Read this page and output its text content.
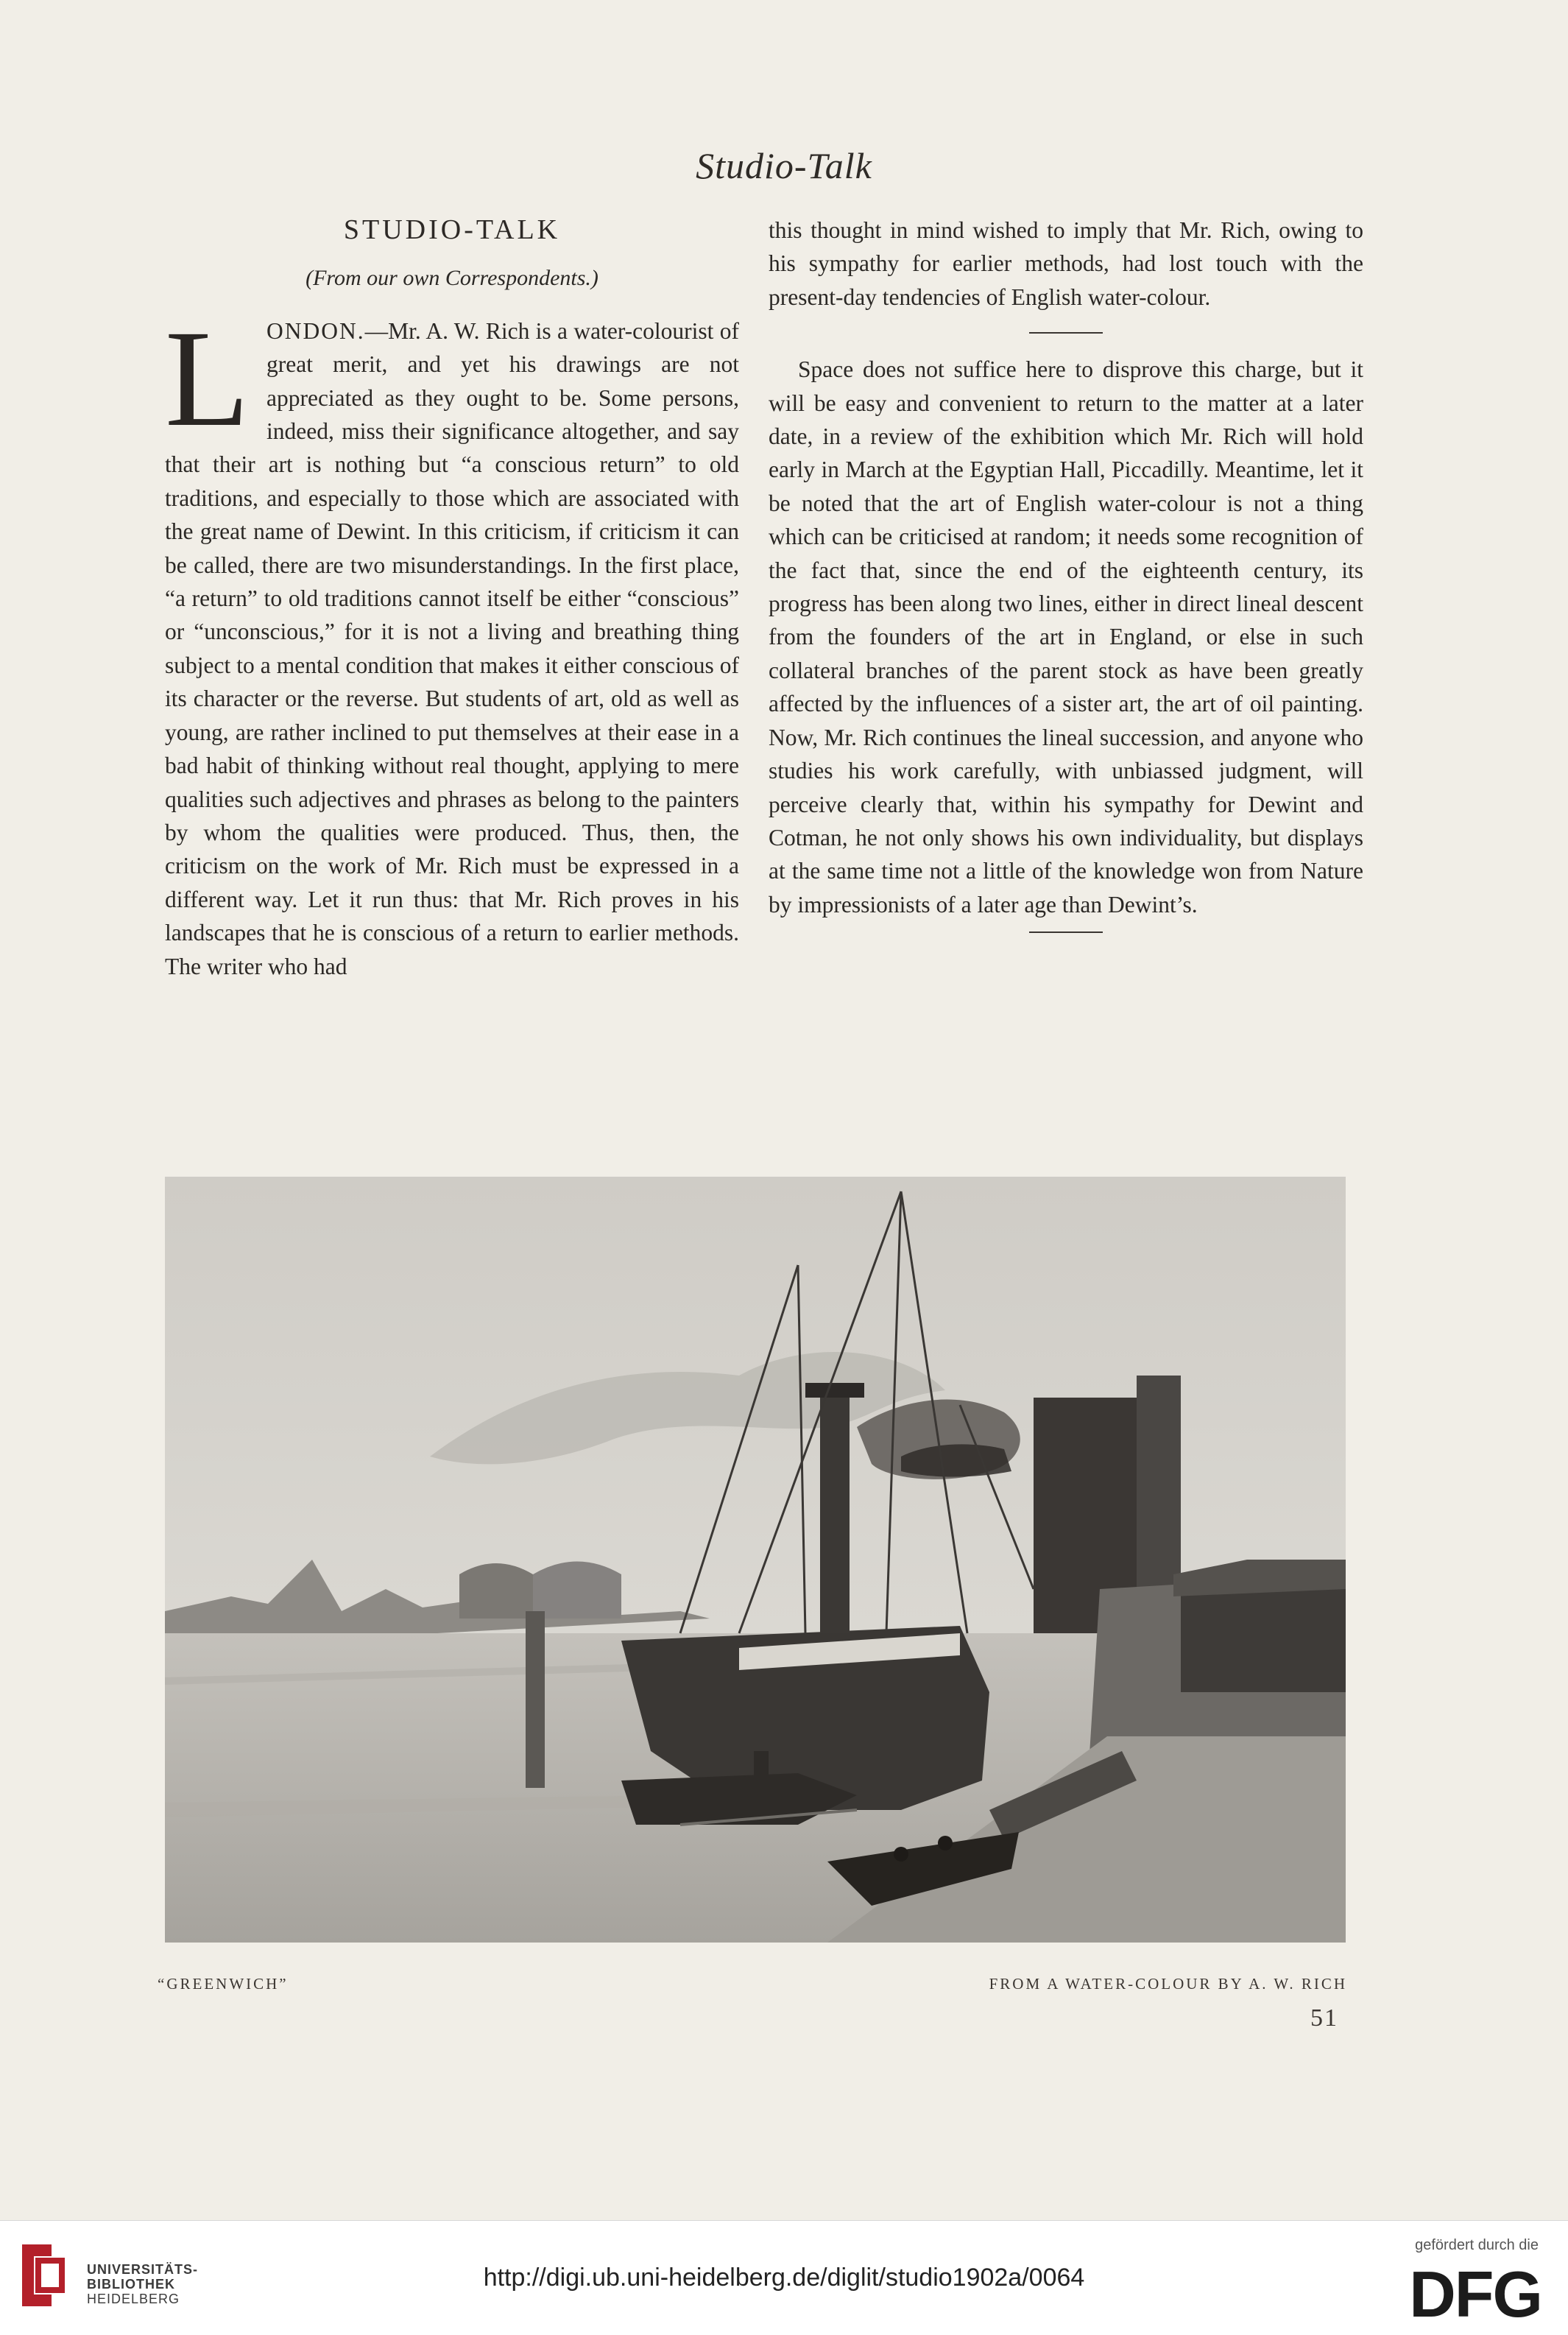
Studio-Talk
STUDIO-TALK
(From our own Correspondents.)

LONDON.—Mr. A. W. Rich is a water-colourist of great merit, and yet his drawings are not appreciated as they ought to be. Some persons, indeed, miss their significance altogether, and say that their art is nothing but “a conscious return” to old traditions, and especially to those which are associated with the great name of Dewint. In this criticism, if criticism it can be called, there are two misunderstandings. In the first place, “a return” to old traditions cannot itself be either “conscious” or “unconscious,” for it is not a living and breathing thing subject to a mental condition that makes it either conscious of its character or the reverse. But students of art, old as well as young, are rather inclined to put themselves at their ease in a bad habit of thinking without real thought, applying to mere qualities such adjectives and phrases as belong to the painters by whom the qualities were produced. Thus, then, the criticism on the work of Mr. Rich must be expressed in a different way. Let it run thus: that Mr. Rich proves in his landscapes that he is conscious of a return to earlier methods. The writer who had

this thought in mind wished to imply that Mr. Rich, owing to his sympathy for earlier methods, had lost touch with the present-day tendencies of English water-colour.

Space does not suffice here to disprove this charge, but it will be easy and convenient to return to the matter at a later date, in a review of the exhibition which Mr. Rich will hold early in March at the Egyptian Hall, Piccadilly. Meantime, let it be noted that the art of English water-colour is not a thing which can be criticised at random; it needs some recognition of the fact that, since the end of the eighteenth century, its progress has been along two lines, either in direct lineal descent from the founders of the art in England, or else in such collateral branches of the parent stock as have been greatly affected by the influences of a sister art, the art of oil painting. Now, Mr. Rich continues the lineal succession, and anyone who studies his work carefully, with unbiassed judgment, will perceive clearly that, within his sympathy for Dewint and Cotman, he not only shows his own individuality, but displays at the same time not a little of the knowledge won from Nature by impressionists of a later age than Dewint’s.

“GREENWICH”	FROM A WATER-COLOUR BY A. W. RICH
51
UNIVERSITÄTS-
BIBLIOTHEK
HEIDELBERG
http://digi.ub.uni-heidelberg.de/diglit/studio1902a/0064
gefördert durch die
DFG
